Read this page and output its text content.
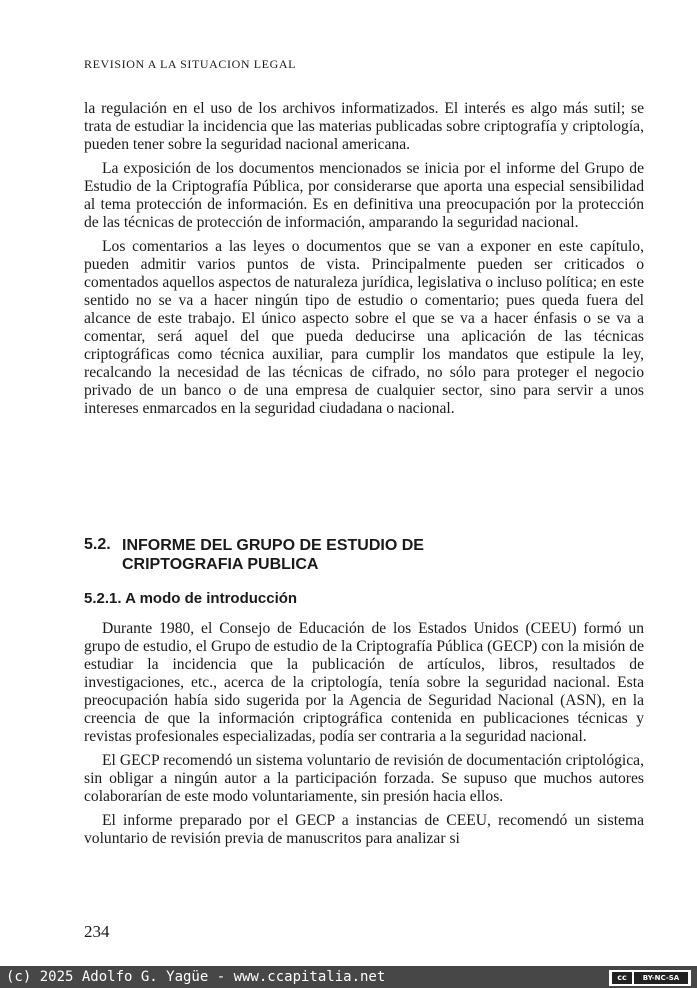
REVISION A LA SITUACION LEGAL

la regulación en el uso de los archivos informatizados. El interés es algo más sutil; se trata de estudiar la incidencia que las materias publicadas sobre criptografía y criptología, pueden tener sobre la seguridad nacional americana.

La exposición de los documentos mencionados se inicia por el informe del Grupo de Estudio de la Criptografía Pública, por considerarse que aporta una especial sensibilidad al tema protección de información. Es en definitiva una preocupación por la protección de las técnicas de protección de información, amparando la seguridad nacional.

Los comentarios a las leyes o documentos que se van a exponer en este capítulo, pueden admitir varios puntos de vista. Principalmente pueden ser criticados o comentados aquellos aspectos de naturaleza jurídica, legislativa o incluso política; en este sentido no se va a hacer ningún tipo de estudio o comentario; pues queda fuera del alcance de este trabajo. El único aspecto sobre el que se va a hacer énfasis o se va a comentar, será aquel del que pueda deducirse una aplicación de las técnicas criptográficas como técnica auxiliar, para cumplir los mandatos que estipule la ley, recalcando la necesidad de las técnicas de cifrado, no sólo para proteger el negocio privado de un banco o de una empresa de cualquier sector, sino para servir a unos intereses enmarcados en la seguridad ciudadana o nacional.

5.2. INFORME DEL GRUPO DE ESTUDIO DE CRIPTOGRAFIA PUBLICA
5.2.1. A modo de introducción

Durante 1980, el Consejo de Educación de los Estados Unidos (CEEU) formó un grupo de estudio, el Grupo de estudio de la Criptografía Pública (GECP) con la misión de estudiar la incidencia que la publicación de artículos, libros, resultados de investigaciones, etc., acerca de la criptología, tenía sobre la seguridad nacional. Esta preocupación había sido sugerida por la Agencia de Seguridad Nacional (ASN), en la creencia de que la información criptográfica contenida en publicaciones técnicas y revistas profesionales especializadas, podía ser contraria a la seguridad nacional.

El GECP recomendó un sistema voluntario de revisión de documentación criptológica, sin obligar a ningún autor a la participación forzada. Se supuso que muchos autores colaborarían de este modo voluntariamente, sin presión hacia ellos.

El informe preparado por el GECP a instancias de CEEU, recomendó un sistema voluntario de revisión previa de manuscritos para analizar si

234
(c) 2025 Adolfo G. Yagüe - www.ccapitalia.net	cc	BY-NC-SA
